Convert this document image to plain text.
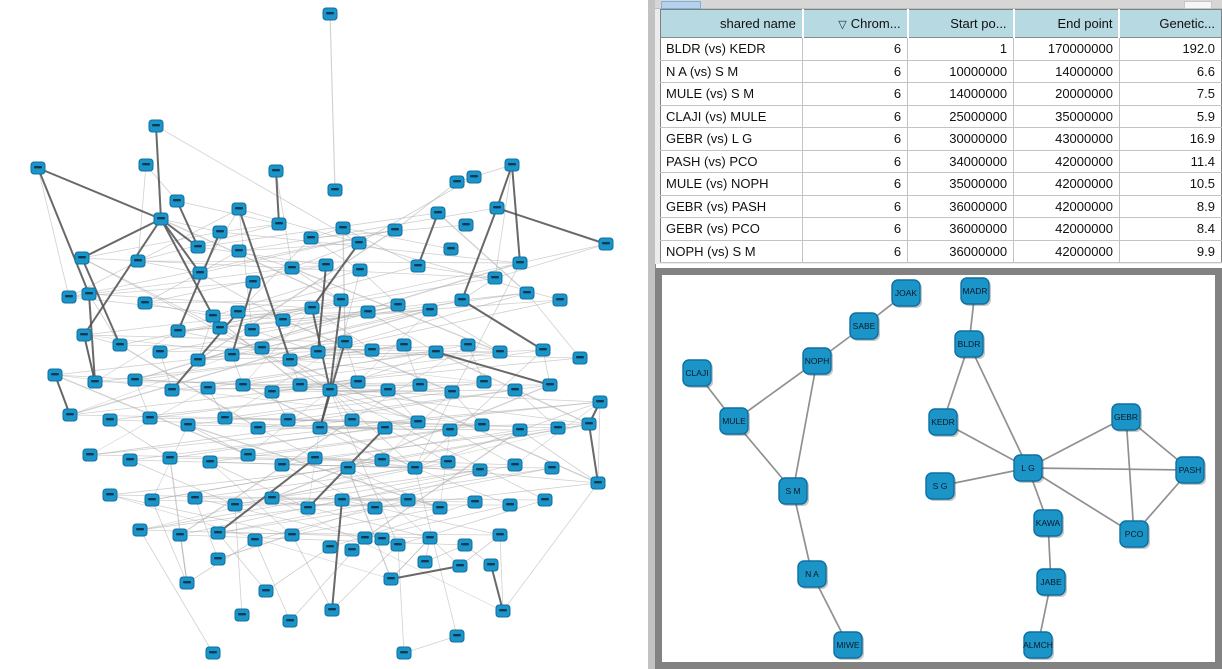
shared name	▽ Chrom...	Start po...	End point	Genetic...
BLDR (vs) KEDR	6	1	170000000	192.0
N A (vs) S M	6	10000000	14000000	6.6
MULE (vs) S M	6	14000000	20000000	7.5
CLAJI (vs) MULE	6	25000000	35000000	5.9
GEBR (vs) L G	6	30000000	43000000	16.9
PASH (vs) PCO	6	34000000	42000000	11.4
MULE (vs) NOPH	6	35000000	42000000	10.5
GEBR (vs) PASH	6	36000000	42000000	8.9
GEBR (vs) PCO	6	36000000	42000000	8.4
NOPH (vs) S M	6	36000000	42000000	9.9
JOAK
SABE
NOPH
CLAJI
MULE
S M
N A
MIWE
MADR
BLDR
KEDR
S G
L G
GEBR
PASH
PCO
KAWA
JABE
ALMCH
